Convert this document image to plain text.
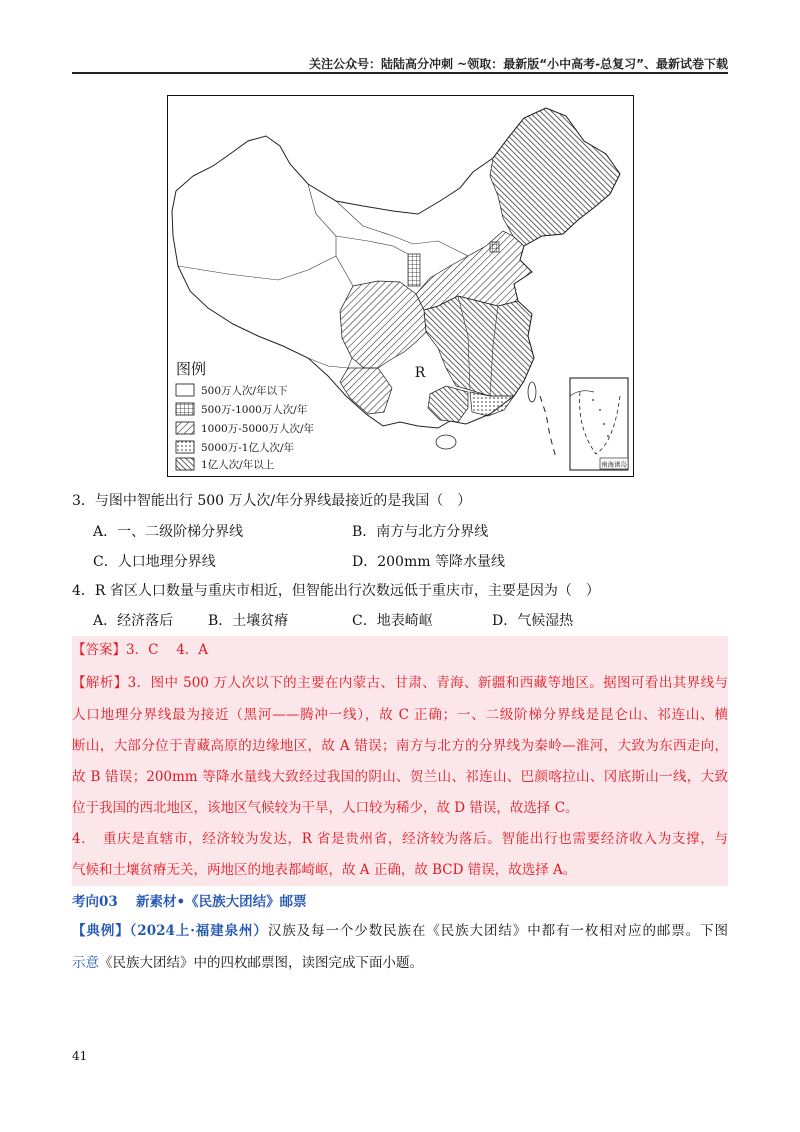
关注公众号：陆陆高分冲刺 ~领取：最新版“小中高考-总复习”、最新试卷下载
R
南海诸岛
图例
500万人次/年以下
500万-1000万人次/年
1000万-5000万人次/年
5000万-1亿人次/年
1亿人次/年以上
3．与图中智能出行 500 万人次/年分界线最接近的是我国（　）
A．一、二级阶梯分界线	B．南方与北方分界线
C．人口地理分界线	D．200mm 等降水量线
4．R 省区人口数量与重庆市相近，但智能出行次数远低于重庆市，主要是因为（　）
A．经济落后 B．土壤贫瘠	C．地表崎岖	D．气候湿热
【答案】3．C　 4．A
【解析】3．图中 500 万人次以下的主要在内蒙古、甘肃、青海、新疆和西藏等地区。据图可看出其界线与
人口地理分界线最为接近（黑河——腾冲一线），故 C 正确；一、二级阶梯分界线是昆仑山、祁连山、横
断山，大部分位于青藏高原的边缘地区，故 A 错误；南方与北方的分界线为秦岭—淮河，大致为东西走向，
故 B 错误；200mm 等降水量线大致经过我国的阴山、贺兰山、祁连山、巴颜喀拉山、冈底斯山一线，大致
位于我国的西北地区，该地区气候较为干旱，人口较为稀少，故 D 错误，故选择 C。
4．　重庆是直辖市，经济较为发达，R 省是贵州省，经济较为落后。智能出行也需要经济收入为支撑，与
气候和土壤贫瘠无关，两地区的地表都崎岖，故 A 正确，故 BCD 错误，故选择 A。
考向03　 新素材•《民族大团结》邮票
【典例】（2024上·福建泉州）汉族及每一个少数民族在《民族大团结》中都有一枚相对应的邮票。下图
示意《民族大团结》中的四枚邮票图，读图完成下面小题。
41
